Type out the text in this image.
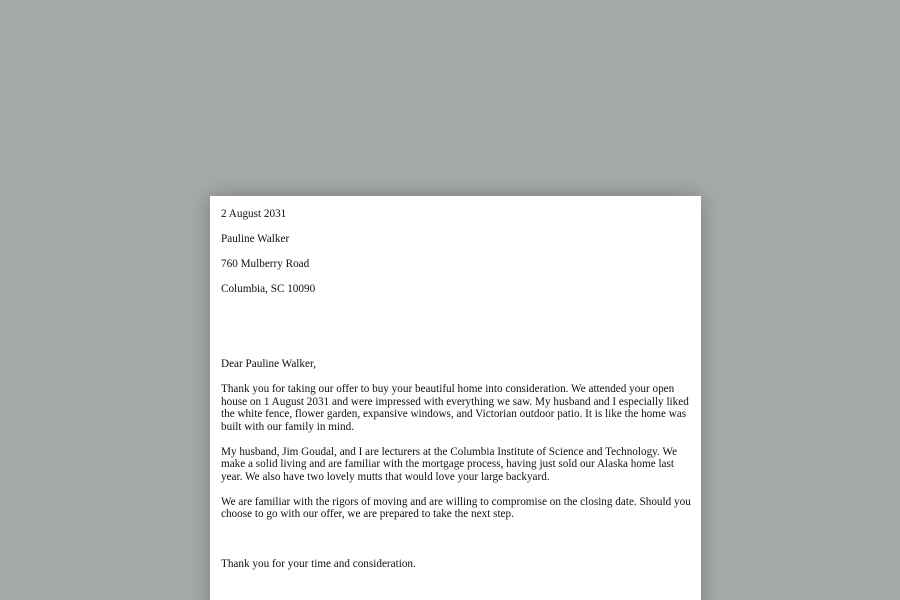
2 August 2031

Pauline Walker

760 Mulberry Road

Columbia, SC 10090

Dear Pauline Walker,

Thank you for taking our offer to buy your beautiful home into consideration. We attended your open
house on 1 August 2031 and were impressed with everything we saw. My husband and I especially liked
the white fence, flower garden, expansive windows, and Victorian outdoor patio. It is like the home was
built with our family in mind.
My husband, Jim Goudal, and I are lecturers at the Columbia Institute of Science and Technology. We
make a solid living and are familiar with the mortgage process, having just sold our Alaska home last
year. We also have two lovely mutts that would love your large backyard.
We are familiar with the rigors of moving and are willing to compromise on the closing date. Should you
choose to go with our offer, we are prepared to take the next step.

Thank you for your time and consideration.
